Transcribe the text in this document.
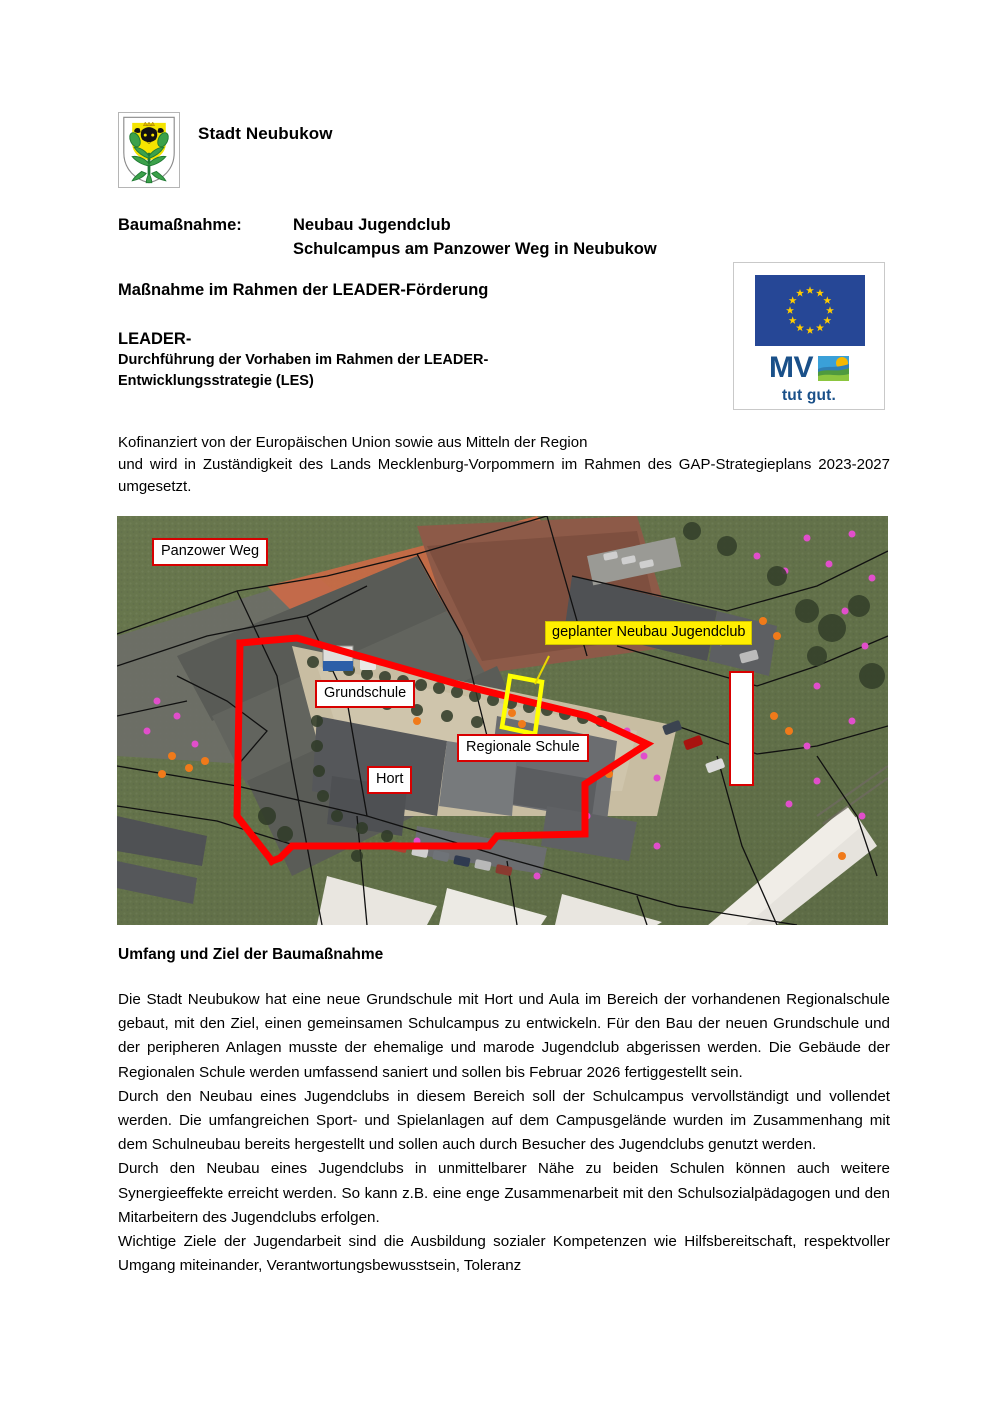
Stadt Neubukow
Baumaßnahme:	Neubau Jugendclub
Schulcampus am Panzower Weg in Neubukow
Maßnahme im Rahmen der LEADER-Förderung
LEADER-
Durchführung der Vorhaben im Rahmen der LEADER-
Entwicklungsstrategie (LES)	MV
tut gut.
Kofinanziert von der Europäischen Union sowie aus Mitteln der Region
und wird in Zuständigkeit des Lands Mecklenburg-Vorpommern im Rahmen des GAP-Strategieplans 2023-2027 umgesetzt.
Panzower Weg
geplanter Neubau Jugendclub
Grundschule
Regionale Schule
Hort
Umfang und Ziel der Baumaßnahme

Die Stadt Neubukow hat eine neue Grundschule mit Hort und Aula im Bereich der vorhandenen Regionalschule gebaut, mit den Ziel, einen gemeinsamen Schulcampus zu entwickeln. Für den Bau der neuen Grundschule und der peripheren Anlagen musste der ehemalige und marode Jugendclub abgerissen werden. Die Gebäude der Regionalen Schule werden umfassend saniert und sollen bis Februar 2026 fertiggestellt sein.

Durch den Neubau eines Jugendclubs in diesem Bereich soll der Schulcampus vervollständigt und vollendet werden. Die umfangreichen Sport- und Spielanlagen auf dem Campusgelände wurden im Zusammenhang mit dem Schulneubau bereits hergestellt und sollen auch durch Besucher des Jugendclubs genutzt werden.

Durch den Neubau eines Jugendclubs in unmittelbarer Nähe zu beiden Schulen können auch weitere Synergieeffekte erreicht werden. So kann z.B. eine enge Zusammenarbeit mit den Schulsozialpädagogen und den Mitarbeitern des Jugendclubs erfolgen.

Wichtige Ziele der Jugendarbeit sind die Ausbildung sozialer Kompetenzen wie Hilfsbereitschaft, respektvoller Umgang miteinander, Verantwortungsbewusstsein, Toleranz
